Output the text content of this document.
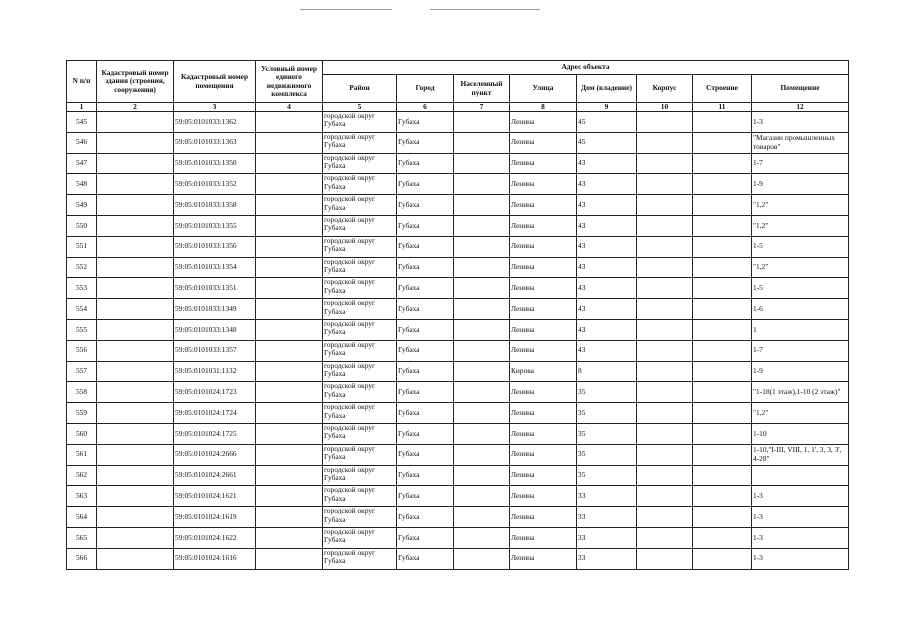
N п/п	Кадастровый номер здания (строения, сооружения)	Кадастровый номер помещения	Условный номер единого недвижимого комплекса	Адрес объекта							
				Район	Город	Населенный пункт	Улица	Дом (владение)	Корпус	Строение	Помещение
1	2	3	4	5	6	7	8	9	10	11	12
545		59:05:0101033:1362		городской округ Губаха	Губаха		Ленина	45			1-3
546		59:05:0101033:1363		городской округ Губаха	Губаха		Ленина	45			"Магазин промышленных товаров"
547		59:05:0101033:1350		городской округ Губаха	Губаха		Ленина	43			1-7
548		59:05:0101033:1352		городской округ Губаха	Губаха		Ленина	43			1-9
549		59:05:0101033:1358		городской округ Губаха	Губаха		Ленина	43			"1,2"
550		59:05:0101033:1355		городской округ Губаха	Губаха		Ленина	43			"1,2"
551		59:05:0101033:1356		городской округ Губаха	Губаха		Ленина	43			1-5
552		59:05:0101033:1354		городской округ Губаха	Губаха		Ленина	43			"1,2"
553		59:05:0101033:1351		городской округ Губаха	Губаха		Ленина	43			1-5
554		59:05:0101033:1349		городской округ Губаха	Губаха		Ленина	43			1-6
555		59:05:0101033:1348		городской округ Губаха	Губаха		Ленина	43			1
556		59:05:0101033:1357		городской округ Губаха	Губаха		Ленина	43			1-7
557		59:05:0101031:1132		городской округ Губаха	Губаха		Кирова	8			1-9
558		59:05:0101024:1723		городской округ Губаха	Губаха		Ленина	35			"1-18(1 этаж),1-10 (2 этаж)"
559		59:05:0101024:1724		городской округ Губаха	Губаха		Ленина	35			"1,2"
560		59:05:0101024:1725		городской округ Губаха	Губаха		Ленина	35			1-10
561		59:05:0101024:2666		городской округ Губаха	Губаха		Ленина	35			1-10,"I-III, VIII, 1, 1', 3, 3, 3', 4-28"
562		59:05:0101024:2661		городской округ Губаха	Губаха		Ленина	35			
563		59:05:0101024:1621		городской округ Губаха	Губаха		Ленина	33			1-3
564		59:05:0101024:1619		городской округ Губаха	Губаха		Ленина	33			1-3
565		59:05:0101024:1622		городской округ Губаха	Губаха		Ленина	33			1-3
566		59:05:0101024:1616		городской округ Губаха	Губаха		Ленина	33			1-3
